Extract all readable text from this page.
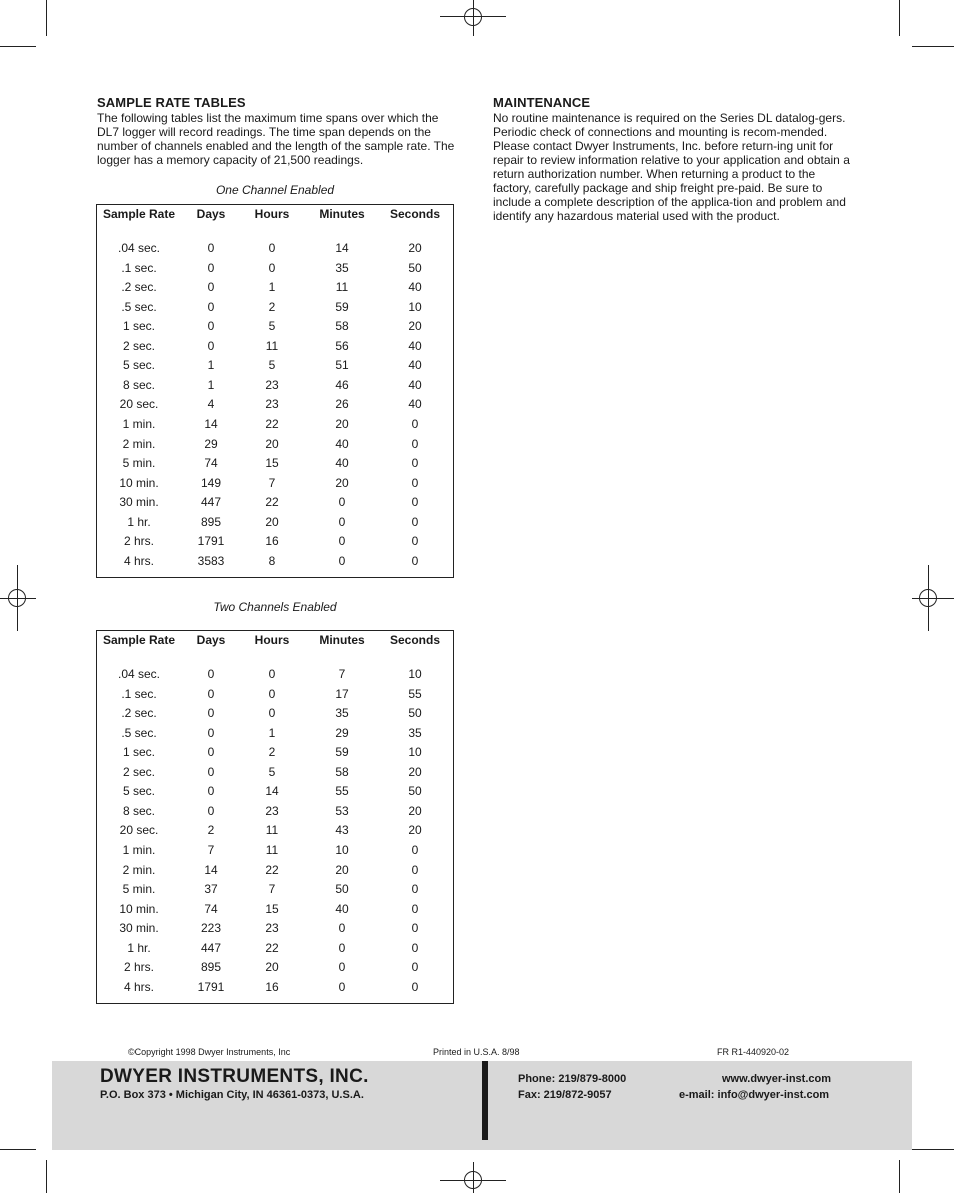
SAMPLE RATE TABLES

The following tables list the maximum time spans over which the DL7 logger will record readings. The time span depends on the number of channels enabled and the length of the sample rate. The logger has a memory capacity of 21,500 readings.

MAINTENANCE

No routine maintenance is required on the Series DL datalog-gers. Periodic check of connections and mounting is recom-mended. Please contact Dwyer Instruments, Inc. before return-ing unit for repair to review information relative to your application and obtain a return authorization number. When returning a product to the factory, carefully package and ship freight pre-paid. Be sure to include a complete description of the applica-tion and problem and identify any hazardous material used with the product.

One Channel Enabled
Sample Rate	Days	Hours	Minutes	Seconds
.04 sec.	0	0	14	20
.1 sec.	0	0	35	50
.2 sec.	0	1	11	40
.5 sec.	0	2	59	10
1 sec.	0	5	58	20
2 sec.	0	11	56	40
5 sec.	1	5	51	40
8 sec.	1	23	46	40
20 sec.	4	23	26	40
1 min.	14	22	20	0
2 min.	29	20	40	0
5 min.	74	15	40	0
10 min.	149	7	20	0
30 min.	447	22	0	0
1 hr.	895	20	0	0
2 hrs.	1791	16	0	0
4 hrs.	3583	8	0	0
Two Channels Enabled
Sample Rate	Days	Hours	Minutes	Seconds
.04 sec.	0	0	7	10
.1 sec.	0	0	17	55
.2 sec.	0	0	35	50
.5 sec.	0	1	29	35
1 sec.	0	2	59	10
2 sec.	0	5	58	20
5 sec.	0	14	55	50
8 sec.	0	23	53	20
20 sec.	2	11	43	20
1 min.	7	11	10	0
2 min.	14	22	20	0
5 min.	37	7	50	0
10 min.	74	15	40	0
30 min.	223	23	0	0
1 hr.	447	22	0	0
2 hrs.	895	20	0	0
4 hrs.	1791	16	0	0
©Copyright 1998 Dwyer Instruments, Inc	Printed in U.S.A. 8/98	FR R1-440920-02
DWYER INSTRUMENTS, INC.
P.O. Box 373 • Michigan City, IN 46361-0373, U.S.A.
Phone: 219/879-8000
Fax: 219/872-9057
www.dwyer-inst.com
e-mail: info@dwyer-inst.com
